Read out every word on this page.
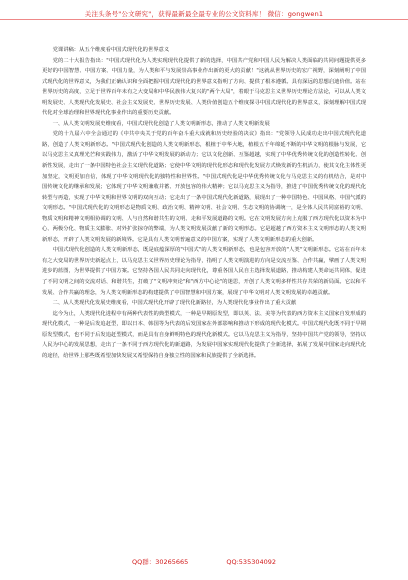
关注头条号"公文研究"，获得最新最全最专业的公文资料库！ 微信：gongwen1

党课讲稿：从五个维度看中国式现代化的世界意义

党的二十大报告指出："中国式现代化为人类实现现代化提供了新的选择，中国共产党和中国人民为解决人类面临的共同问题提供更多更好的中国智慧、中国方案、中国力量，为人类和平与发展崇高事业作出新的更大的贡献！"这就从世界历史的宏广视野，深刻阐明了中国式现代化的世界意义，为我们正确认识和全面把握中国式现代化的世界意义指明了方向、提供了根本遵循。具有深远的思想启迪价值。站在世界历史的高度，立足于世界百年未有之大变局和中华民族伟大复兴的"两个大局"，着眼于马克思主义世界历史理论方法论，可以从人类文明发展史、人类现代化发展史、社会主义发展史、世界历史发展、人类价值创造五个维度探寻中国式现代化的世界意义，深刻理解中国式现代化对全球治理和世界现代化事业作出的重要历史贡献。

一、从人类文明发展史维度看，中国式现代化创造了人类文明新形态，推动了人类文明新发展

党的十九届六中全会通过的《中共中央关于党的百年奋斗重大成就和历史经验的决议》指出："党领导人民成功走出中国式现代化道路，创造了人类文明新形态。"中国式现代化创造的人类文明新形态，根植于中华大地，植根五千年绵延不断的中华文明的根脉与发展，它以马克思主义真理光芒和实践伟力，激活了中华文明发展的新动力；它以文化创新、互鉴超越，实现了中华优秀传统文化的创造性转化、创新性发展，走出了一条中国特色社会主义现代化道路；它使中华文明的现代化形态和现代化发展方式焕发新的生机活力，使其文化主体性更加坚定，文明更加自信，体现了中华文明现代化的独特性和世界性。"中国式现代化是中华优秀传统文化与马克思主义的有机结合，是对中国传统文化的继承和发展；它体现了中华文明兼收并蓄、开放包容的伟大精神；它以马克思主义为指导，推进了中国优秀传统文化的现代化转型与再造，实现了中华文明和世界文明的双向互动；它走出了一条中国式现代化新道路，展现出了一种中国特色、中国风格、中国气派的文明形态。"中国式现代化的文明形态是物质文明、政治文明、精神文明、社会文明、生态文明的协调统一，是全体人民共同富裕的文明、物质文明和精神文明相协调的文明、人与自然和谐共生的文明、走和平发展道路的文明。它在文明发展方向上克服了西方现代化以资本为中心、两极分化、物质主义膨胀、对外扩张掠夺的弊端，为人类文明发展贡献了新的文明形态。它是超越了西方资本主义文明形态的人类文明新形态，开辟了人类文明发展的新境界。它是具有人类文明普遍意义的中国方案，实现了人类文明新形态的重大创新。

中国式现代化创造的人类文明新形态，既是底蕴深厚的"中国式"的人类文明新形态，也是包容开放的"人类"文明新形态。它站在百年未有之大变局的世界历史新起点上，以马克思主义世界历史理论为指导，指明了人类文明演进的方向是交流互鉴、合作共赢，擘画了人类文明进步的蓝图，为世界提供了中国方案。它坚持各国人民共同走向现代化，尊重各国人民自主选择发展道路，推动构建人类命运共同体，促进了不同文明之间的交流对话、和谐共生，打破了"文明冲突论"和"西方中心论"的迷思，开创了人类文明多样性共存共荣的新局面。它以和平发展、合作共赢的理念，为人类文明新形态的构建提供了中国智慧和中国方案，展现了中华文明对人类文明发展的卓越贡献。

二、从人类现代化发展史维度看，中国式现代化开辟了现代化新路径，为人类现代化事业作出了重大贡献

迄今为止，人类现代化进程中有两种代表性的典型模式，一种是早期原发型，即以英、法、美等为代表的西方资本主义国家自发形成的现代化模式，一种是后发追赶型，即以日本、韩国等为代表的后发国家在外部影响和推动下形成的现代化模式。中国式现代化既不同于早期原发型模式，也不同于后发追赶型模式，而是具有自身鲜明特色的现代化新模式。它以马克思主义为指导，坚持中国共产党的领导，坚持以人民为中心的发展思想，走出了一条不同于西方现代化的新道路，为发展中国家实现现代化提供了全新选择，拓展了发展中国家走向现代化的途径，给世界上那些既希望加快发展又希望保持自身独立性的国家和民族提供了全新选择。

QQ群：30265665	QQ:535304092
